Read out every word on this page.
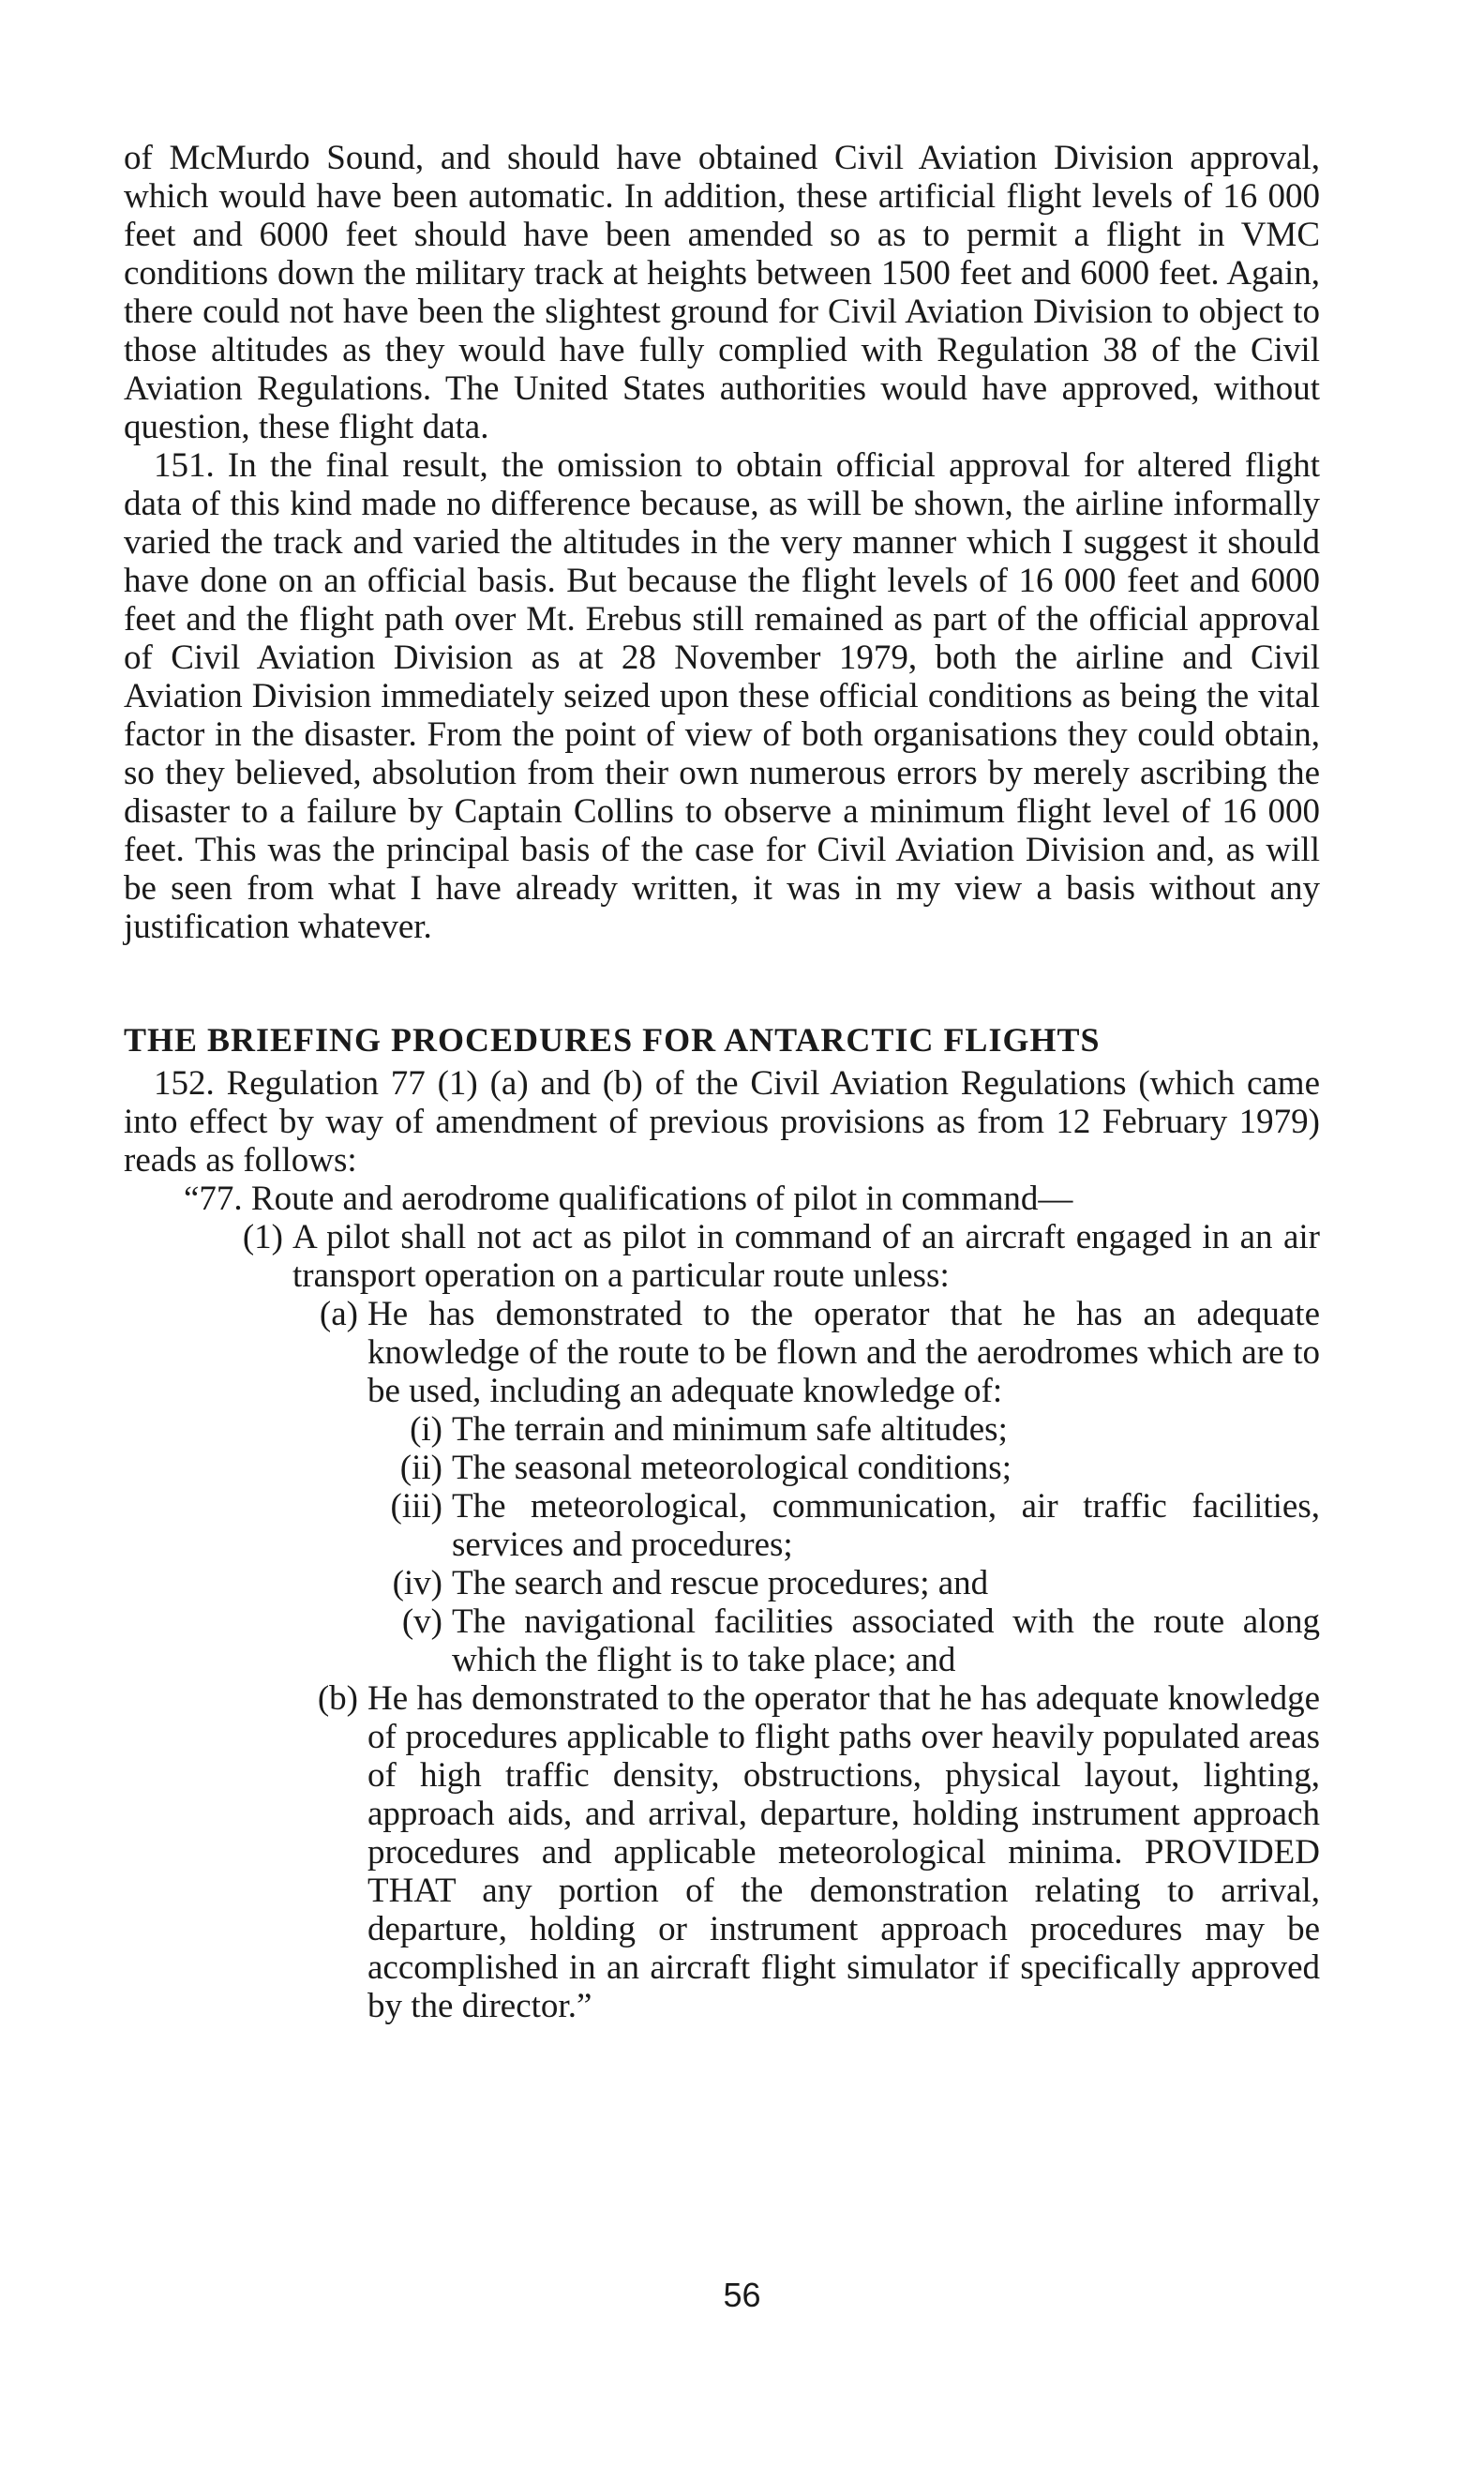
of McMurdo Sound, and should have obtained Civil Aviation Division approval, which would have been automatic. In addition, these artificial flight levels of 16 000 feet and 6000 feet should have been amended so as to permit a flight in VMC conditions down the military track at heights between 1500 feet and 6000 feet. Again, there could not have been the slightest ground for Civil Aviation Division to object to those altitudes as they would have fully complied with Regulation 38 of the Civil Aviation Regulations. The United States authorities would have approved, without question, these flight data.

151. In the final result, the omission to obtain official approval for altered flight data of this kind made no difference because, as will be shown, the airline informally varied the track and varied the altitudes in the very manner which I suggest it should have done on an official basis. But because the flight levels of 16 000 feet and 6000 feet and the flight path over Mt. Erebus still remained as part of the official approval of Civil Aviation Division as at 28 November 1979, both the airline and Civil Aviation Division immediately seized upon these official conditions as being the vital factor in the disaster. From the point of view of both organisations they could obtain, so they believed, absolution from their own numerous errors by merely ascribing the disaster to a failure by Captain Collins to observe a minimum flight level of 16 000 feet. This was the principal basis of the case for Civil Aviation Division and, as will be seen from what I have already written, it was in my view a basis without any justification whatever.

THE BRIEFING PROCEDURES FOR ANTARCTIC FLIGHTS

152. Regulation 77 (1) (a) and (b) of the Civil Aviation Regulations (which came into effect by way of amendment of previous provisions as from 12 February 1979) reads as follows:

“77. Route and aerodrome qualifications of pilot in command—
(1) A pilot shall not act as pilot in command of an aircraft engaged in an air transport operation on a particular route unless:
(a) He has demonstrated to the operator that he has an adequate knowledge of the route to be flown and the aerodromes which are to be used, including an adequate knowledge of:
(i) The terrain and minimum safe altitudes;
(ii) The seasonal meteorological conditions;
(iii) The meteorological, communication, air traffic facilities, services and procedures;
(iv) The search and rescue procedures; and
(v) The navigational facilities associated with the route along which the flight is to take place; and
(b) He has demonstrated to the operator that he has adequate knowledge of procedures applicable to flight paths over heavily populated areas of high traffic density, obstructions, physical layout, lighting, approach aids, and arrival, departure, holding instrument approach procedures and applicable meteorological minima. PROVIDED THAT any portion of the demonstration relating to arrival, departure, holding or instrument approach procedures may be accomplished in an aircraft flight simulator if specifically approved by the director.”
56
